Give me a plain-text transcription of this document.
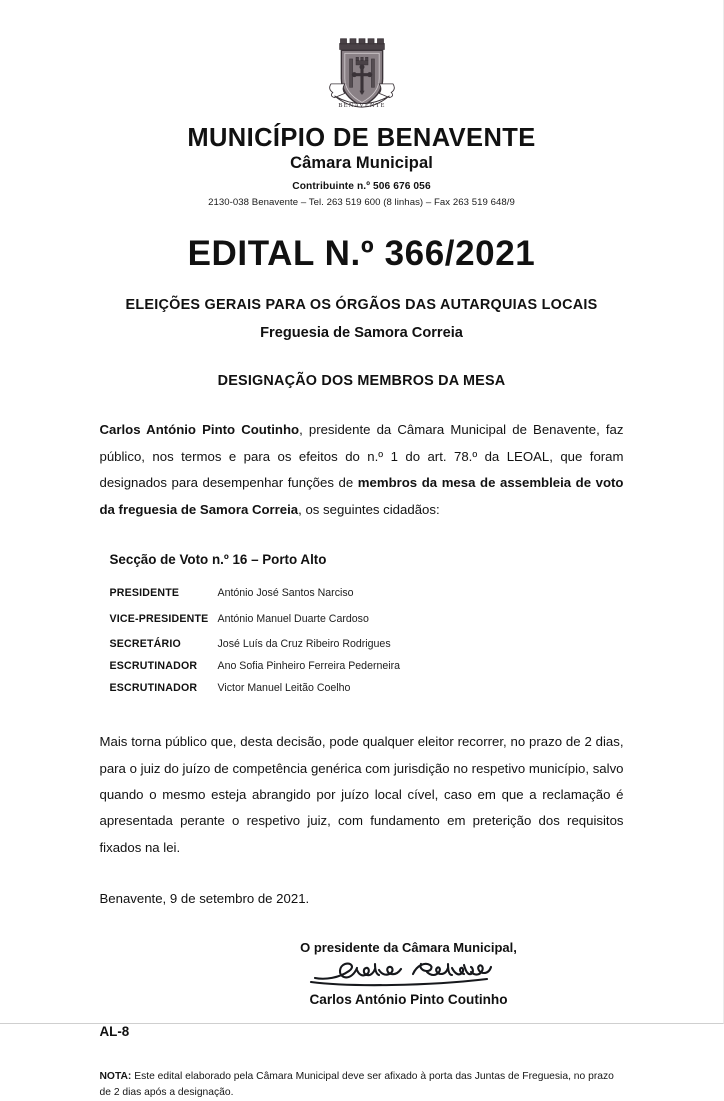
BENAVENTE
MUNICÍPIO DE BENAVENTE
Câmara Municipal
Contribuinte n.º 506 676 056
2130-038 Benavente – Tel. 263 519 600 (8 linhas) – Fax 263 519 648/9
EDITAL N.º 366/2021
ELEIÇÕES GERAIS PARA OS ÓRGÃOS DAS AUTARQUIAS LOCAIS
Freguesia de Samora Correia
DESIGNAÇÃO DOS MEMBROS DA MESA

Carlos António Pinto Coutinho, presidente da Câmara Municipal de Benavente, faz público, nos termos e para os efeitos do n.º 1 do art. 78.º da LEOAL, que foram designados para desempenhar funções de membros da mesa de assembleia de voto da freguesia de Samora Correia, os seguintes cidadãos:

Secção de Voto n.º 16 – Porto Alto
PRESIDENTE	António José Santos Narciso
VICE-PRESIDENTE	António Manuel Duarte Cardoso
SECRETÁRIO	José Luís da Cruz Ribeiro Rodrigues
ESCRUTINADOR	Ano Sofia Pinheiro Ferreira Pederneira
ESCRUTINADOR	Victor Manuel Leitão Coelho

Mais torna público que, desta decisão, pode qualquer eleitor recorrer, no prazo de 2 dias, para o juiz do juízo de competência genérica com jurisdição no respetivo município, salvo quando o mesmo esteja abrangido por juízo local cível, caso em que a reclamação é apresentada perante o respetivo juiz, com fundamento em preterição dos requisitos fixados na lei.

Benavente, 9 de setembro de 2021.
O presidente da Câmara Municipal,
Carlos António Pinto Coutinho
AL-8
NOTA: Este edital elaborado pela Câmara Municipal deve ser afixado à porta das Juntas de Freguesia, no prazo de 2 dias após a designação.
